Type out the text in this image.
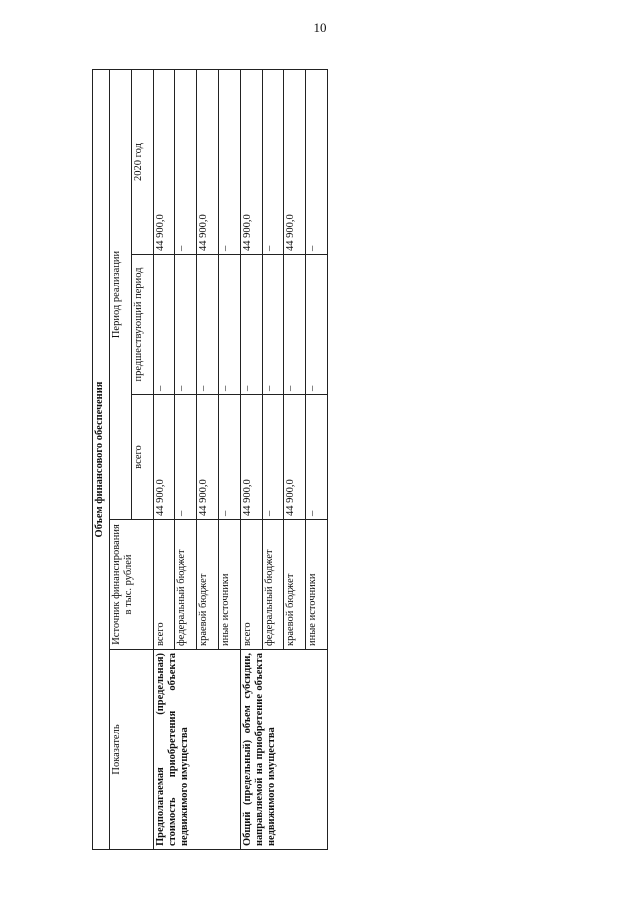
10
Объем финансового обеспечения				
Показатель	Источник финансирования в тыс. рублей	Период реализации		
		всего	предшествующий период	2020 год
Предполагаемая (предельная) стоимость приобретения объекта недвижимого имущества	всего	44 900,0	–	44 900,0
	федеральный бюджет	–	–	–
	краевой бюджет	44 900,0	–	44 900,0
	иные источники	–	–	–
Общий (предельный) объем субсидии, направляемой на приобретение объекта недвижимого имущества	всего	44 900,0	–	44 900,0
	федеральный бюджет	–	–	–
	краевой бюджет	44 900,0	–	44 900,0
	иные источники	–	–	–
